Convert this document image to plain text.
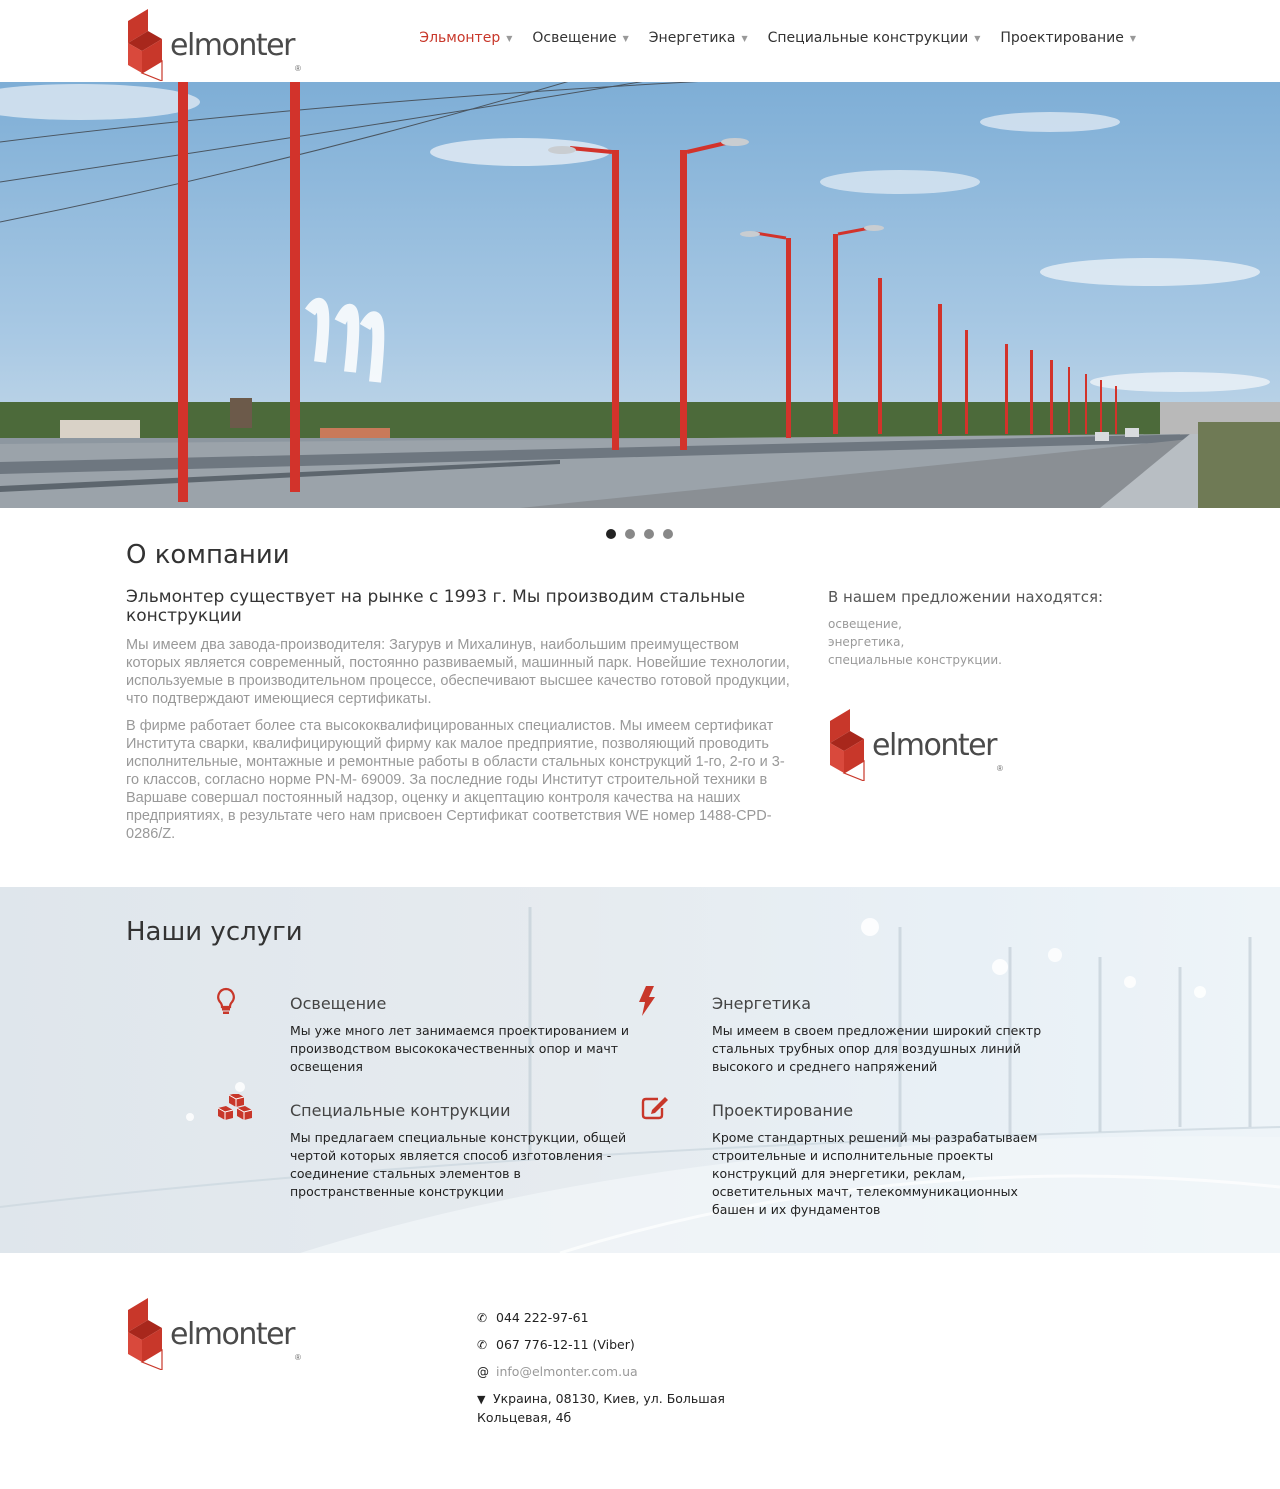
elmonter
®
Эльмонтер ▼ Освещение ▼ Энергетика ▼ Специальные конструкции ▼ Проектирование ▼
О компании
Эльмонтер существует на рынке с 1993 г. Мы производим стальные конструкции

Мы имеем два завода-производителя: Загурув и Михалинув, наибольшим преимуществом которых является современный, постоянно развиваемый, машинный парк. Новейшие технологии, используемые в производительном процессе, обеспечивают высшее качество готовой продукции, что подтверждают имеющиеся сертификаты.

В фирме работает более ста высококвалифицированных специалистов. Мы имеем сертификат Института сварки, квалифицирующий фирму как малое предприятие, позволяющий проводить исполнительные, монтажные и ремонтные работы в области стальных конструкций 1-го, 2-го и 3-го классов, согласно норме PN-M- 69009. За последние годы Институт строительной техники в Варшаве совершал постоянный надзор, оценку и акцептацию контроля качества на наших предприятиях, в результате чего нам присвоен Сертификат соответствия WE номер 1488-CPD-0286/Z.

В нашем предложении находятся:
освещение,
энергетика,
специальные конструкции.
elmonter
®
Наши услуги
Освещение

Мы уже много лет занимаемся проектированием и производством высококачественных опор и мачт освещения

Энергетика

Мы имеем в своем предложении широкий спектр стальных трубных опор для воздушных линий высокого и среднего напряжений

Специальные контрукции

Мы предлагаем специальные конструкции, общей чертой которых является способ изготовления - соединение стальных элементов в пространственные конструкции

Проектирование

Кроме стандартных решений мы разрабатываем строительные и исполнительные проекты конструкций для энергетики, реклам, осветительных мачт, телекоммуникационных башен и их фундаментов

elmonter
®
✆ 044 222-97-61
✆ 067 776-12-11 (Viber)
@ info@elmonter.com.ua
▼ Украина, 08130, Киев, ул. Большая Кольцевая, 4б
